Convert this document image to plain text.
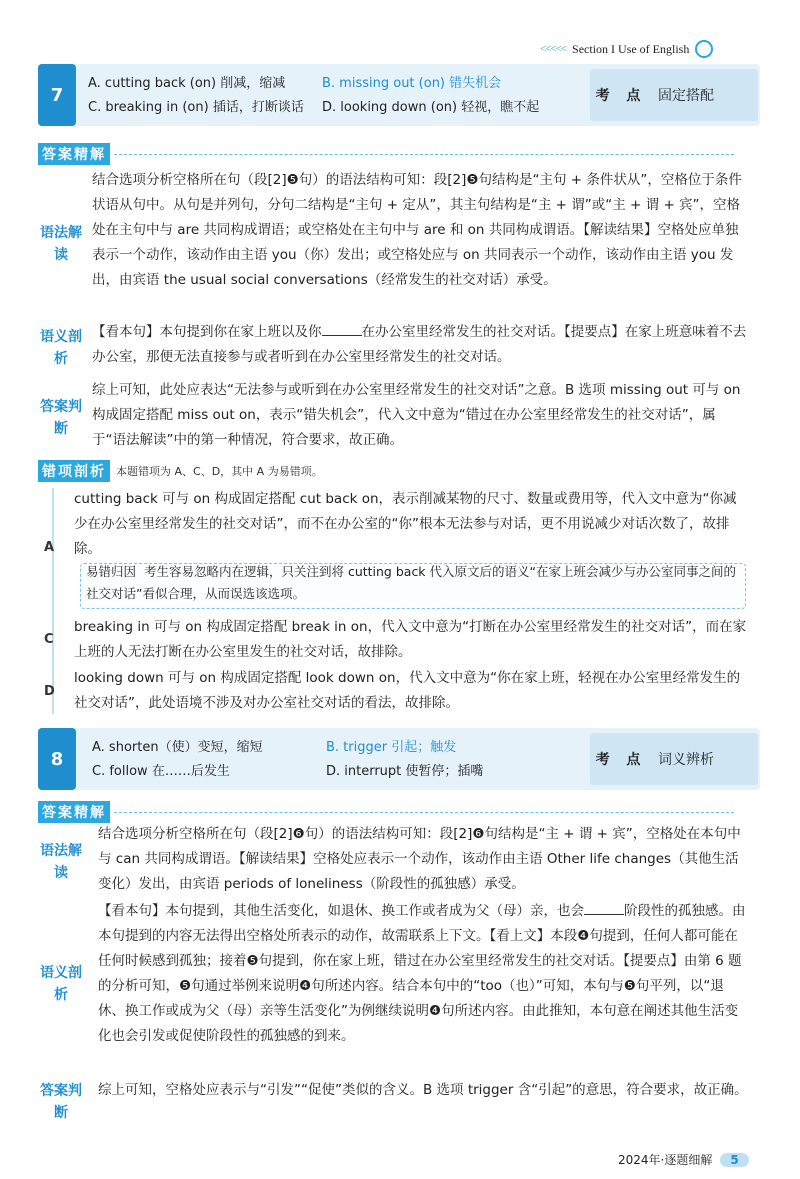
<<<<< Section I Use of English
7
A. cutting back (on) 削减，缩减	B. missing out (on) 错失机会
C. breaking in (on) 插话，打断谈话 D. looking down (on) 轻视，瞧不起
考 点 固定搭配
答案精解
语法解读
结合选项分析空格所在句（段[2]❺句）的语法结构可知：段[2]❺句结构是“主句 + 条件状从”，空格位于条件状语从句中。从句是并列句，分句二结构是“主句 + 定从”，其主句结构是“主 + 谓”或“主 + 谓 + 宾”，空格处在主句中与 are 共同构成谓语；或空格处在主句中与 are 和 on 共同构成谓语。【解读结果】空格处应单独表示一个动作，该动作由主语 you（你）发出；或空格处应与 on 共同表示一个动作，该动作由主语 you 发出，由宾语 the usual social conversations（经常发生的社交对话）承受。
语义剖析
【看本句】本句提到你在家上班以及你	在办公室里经常发生的社交对话。【提要点】在家上班意味着不去办公室，那便无法直接参与或者听到在办公室里经常发生的社交对话。
答案判断
综上可知，此处应表达“无法参与或听到在办公室里经常发生的社交对话”之意。B 选项 missing out 可与 on 构成固定搭配 miss out on，表示“错失机会”，代入文中意为“错过在办公室里经常发生的社交对话”，属于“语法解读”中的第一种情况，符合要求，故正确。
错项剖析 本题错项为 A、C、D，其中 A 为易错项。
A
cutting back 可与 on 构成固定搭配 cut back on，表示削减某物的尺寸、数量或费用等，代入文中意为“你减少在办公室里经常发生的社交对话”，而不在办公室的“你”根本无法参与对话，更不用说减少对话次数了，故排除。
易错归因 考生容易忽略内在逻辑，只关注到将 cutting back 代入原文后的语义“在家上班会减少与办公室同事之间的社交对话”看似合理，从而误选该选项。
C
breaking in 可与 on 构成固定搭配 break in on，代入文中意为“打断在办公室里经常发生的社交对话”，而在家上班的人无法打断在办公室里发生的社交对话，故排除。
D
looking down 可与 on 构成固定搭配 look down on，代入文中意为“你在家上班，轻视在办公室里经常发生的社交对话”，此处语境不涉及对办公室社交对话的看法，故排除。
8
A. shorten（使）变短，缩短	B. trigger 引起；触发
C. follow 在……后发生	D. interrupt 使暂停；插嘴
考 点 词义辨析
答案精解
语法解读
结合选项分析空格所在句（段[2]❻句）的语法结构可知：段[2]❻句结构是“主 + 谓 + 宾”，空格处在本句中与 can 共同构成谓语。【解读结果】空格处应表示一个动作，该动作由主语 Other life changes（其他生活变化）发出，由宾语 periods of loneliness（阶段性的孤独感）承受。
语义剖析
【看本句】本句提到，其他生活变化，如退休、换工作或者成为父（母）亲，也会	阶段性的孤独感。由本句提到的内容无法得出空格处所表示的动作，故需联系上下文。【看上文】本段❹句提到，任何人都可能在任何时候感到孤独；接着❺句提到，你在家上班，错过在办公室里经常发生的社交对话。【提要点】由第 6 题的分析可知，❺句通过举例来说明❹句所述内容。结合本句中的“too（也）”可知，本句与❺句平列，以“退休、换工作或成为父（母）亲等生活变化”为例继续说明❹句所述内容。由此推知，本句意在阐述其他生活变化也会引发或促使阶段性的孤独感的到来。
答案判断
综上可知，空格处应表示与“引发”“促使”类似的含义。B 选项 trigger 含“引起”的意思，符合要求，故正确。
2024年·逐题细解	5
